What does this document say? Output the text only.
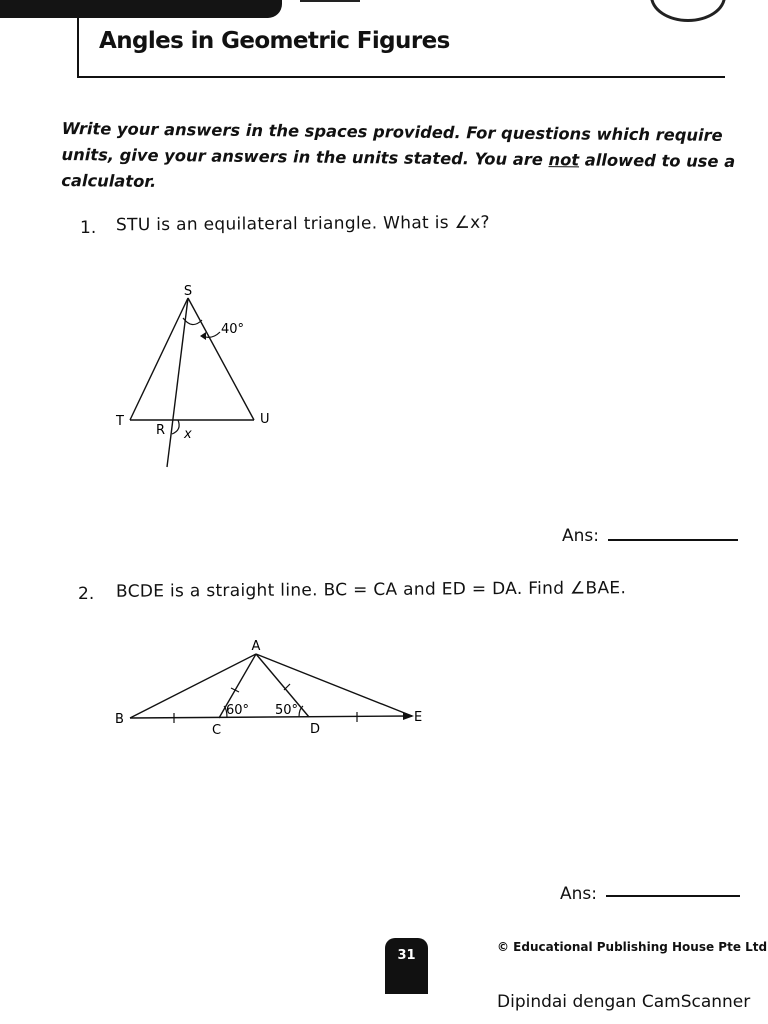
Angles in Geometric Figures
Write your answers in the spaces provided. For questions which require units, give your answers in the units stated. You are not allowed to use a calculator.
1. STU is an equilateral triangle. What is ∠x?
S
T	U
R x
40°
Ans:
2. BCDE is a straight line. BC = CA and ED = DA. Find ∠BAE.
A
B
C	D
E
60° 50°
Ans:
31
© Educational Publishing House Pte Ltd
Dipindai dengan CamScanner
